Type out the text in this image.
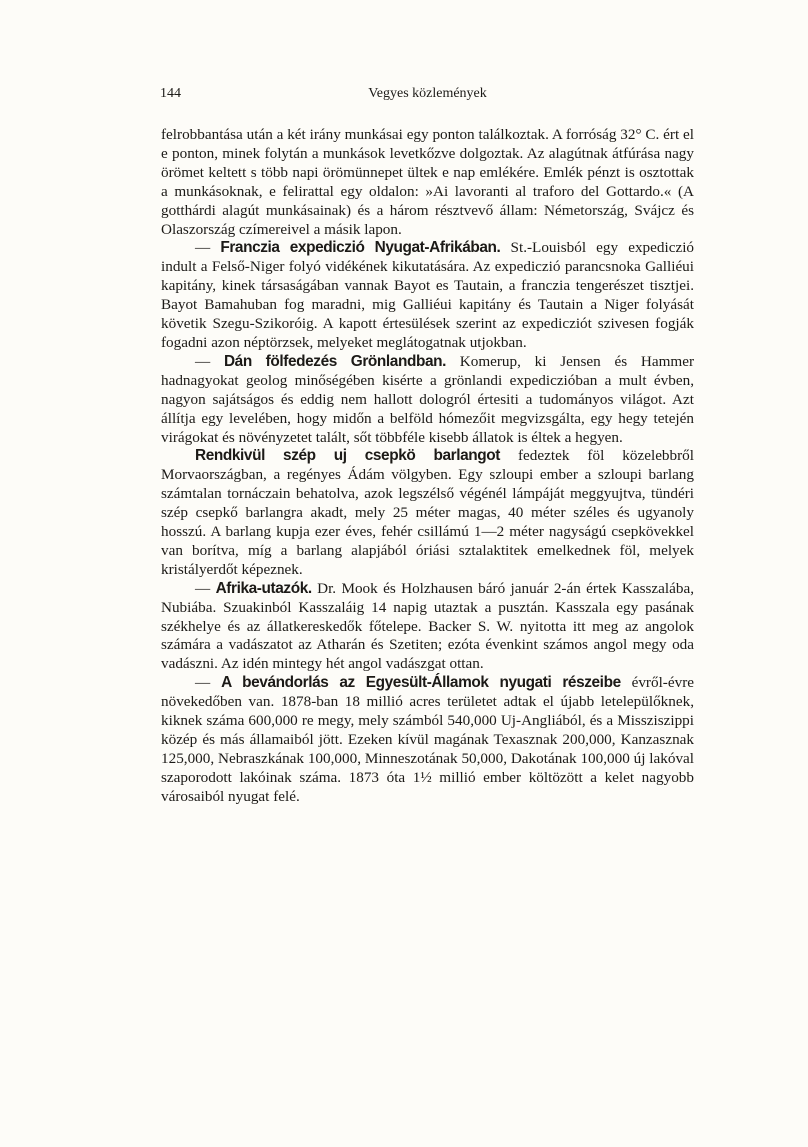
144	Vegyes közlemények

felrobbantása után a két irány munkásai egy ponton találkoztak. A forróság 32° C. ért el e ponton, minek folytán a munkások levetkőzve dolgoztak. Az alagútnak átfúrása nagy örömet keltett s több napi örömünnepet ültek e nap emlékére. Emlék pénzt is osztottak a munkásoknak, e felirattal egy oldalon: »Ai lavoranti al traforo del Gottardo.« (A gotthárdi alagút munkásainak) és a három résztvevő állam: Németország, Svájcz és Olaszország czímereivel a másik lapon.

— Franczia expediczió Nyugat-Afrikában. St.-Louisból egy expediczió indult a Felső-Niger folyó vidékének kikutatására. Az expediczió parancsnoka Galliéui kapitány, kinek társaságában vannak Bayot es Tautain, a franczia tengerészet tisztjei. Bayot Bamahuban fog maradni, mig Galliéui kapitány és Tautain a Niger folyását követik Szegu-Szikoróig. A kapott értesülések szerint az expedicziót szivesen fogják fogadni azon néptörzsek, melyeket meglátogatnak utjokban.

— Dán fölfedezés Grönlandban. Komerup, ki Jensen és Hammer hadnagyokat geolog minőségében kisérte a grönlandi expediczióban a mult évben, nagyon sajátságos és eddig nem hallott dologról értesiti a tudományos világot. Azt állítja egy levelében, hogy midőn a belföld hómezőit megvizsgálta, egy hegy tetején virágokat és növényzetet talált, sőt többféle kisebb állatok is éltek a hegyen.

Rendkivül szép uj csepkö barlangot fedeztek föl közelebbről Morvaországban, a regényes Ádám völgyben. Egy szloupi ember a szloupi barlang számtalan tornáczain behatolva, azok legszélső végénél lámpáját meggyujtva, tündéri szép csepkő barlangra akadt, mely 25 méter magas, 40 méter széles és ugyanoly hosszú. A barlang kupja ezer éves, fehér csillámú 1—2 méter nagyságú csepkövekkel van borítva, míg a barlang alapjából óriási sztalaktitek emelkednek föl, melyek kristályerdőt képeznek.

— Afrika-utazók. Dr. Mook és Holzhausen báró január 2-án értek Kasszalába, Nubiába. Szuakinból Kasszaláig 14 napig utaztak a pusztán. Kasszala egy pasának székhelye és az állatkereskedők főtelepe. Backer S. W. nyitotta itt meg az angolok számára a vadászatot az Atharán és Szetiten; ezóta évenkint számos angol megy oda vadászni. Az idén mintegy hét angol vadászgat ottan.

— A bevándorlás az Egyesült-Államok nyugati részeibe évről-évre növekedőben van. 1878-ban 18 millió acres területet adtak el újabb letelepülőknek, kiknek száma 600,000 re megy, mely számból 540,000 Uj-Angliából, és a Missziszippi közép és más államaiból jött. Ezeken kívül magának Texasznak 200,000, Kanzasznak 125,000, Nebraszkának 100,000, Minneszotának 50,000, Dakotának 100,000 új lakóval szaporodott lakóinak száma. 1873 óta 1½ millió ember költözött a kelet nagyobb városaiból nyugat felé.
